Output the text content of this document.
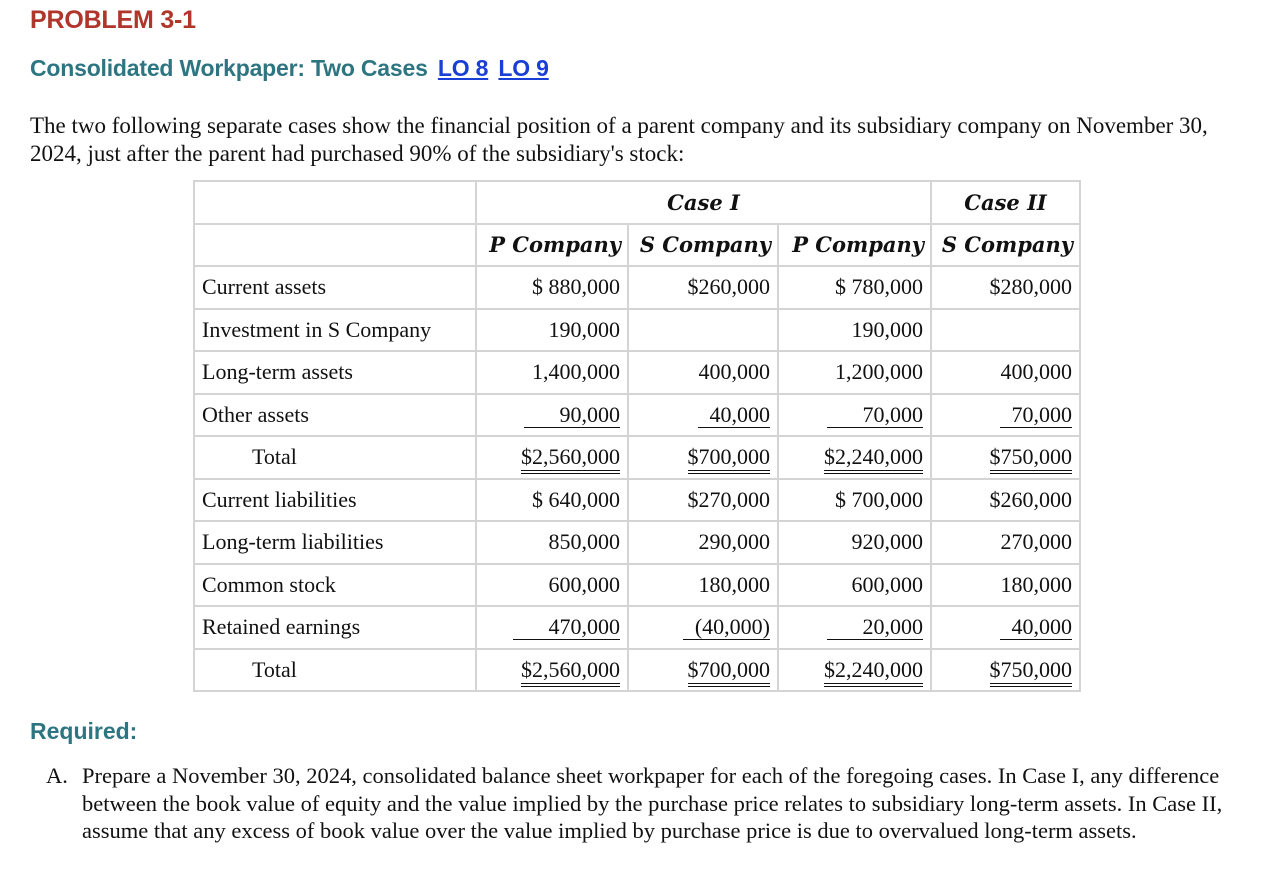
PROBLEM 3-1
Consolidated Workpaper: Two Cases LO 8 LO 9
The two following separate cases show the financial position of a parent company and its subsidiary company on November 30, 2024, just after the parent had purchased 90% of the subsidiary's stock:
	Case I			Case II
	P Company	S Company	P Company	S Company
Current assets	$ 880,000	$260,000	$ 780,000	$280,000
Investment in S Company	190,000		190,000	
Long-term assets	1,400,000	400,000	1,200,000	400,000
Other assets	90,000	40,000	70,000	70,000
Total	$2,560,000	$700,000	$2,240,000	$750,000
Current liabilities	$ 640,000	$270,000	$ 700,000	$260,000
Long-term liabilities	850,000	290,000	920,000	270,000
Common stock	600,000	180,000	600,000	180,000
Retained earnings	470,000	(40,000)	20,000	40,000
Total	$2,560,000	$700,000	$2,240,000	$750,000
Required:
A. Prepare a November 30, 2024, consolidated balance sheet workpaper for each of the foregoing cases. In Case I, any difference between the book value of equity and the value implied by the purchase price relates to subsidiary long-term assets. In Case II, assume that any excess of book value over the value implied by purchase price is due to overvalued long-term assets.
